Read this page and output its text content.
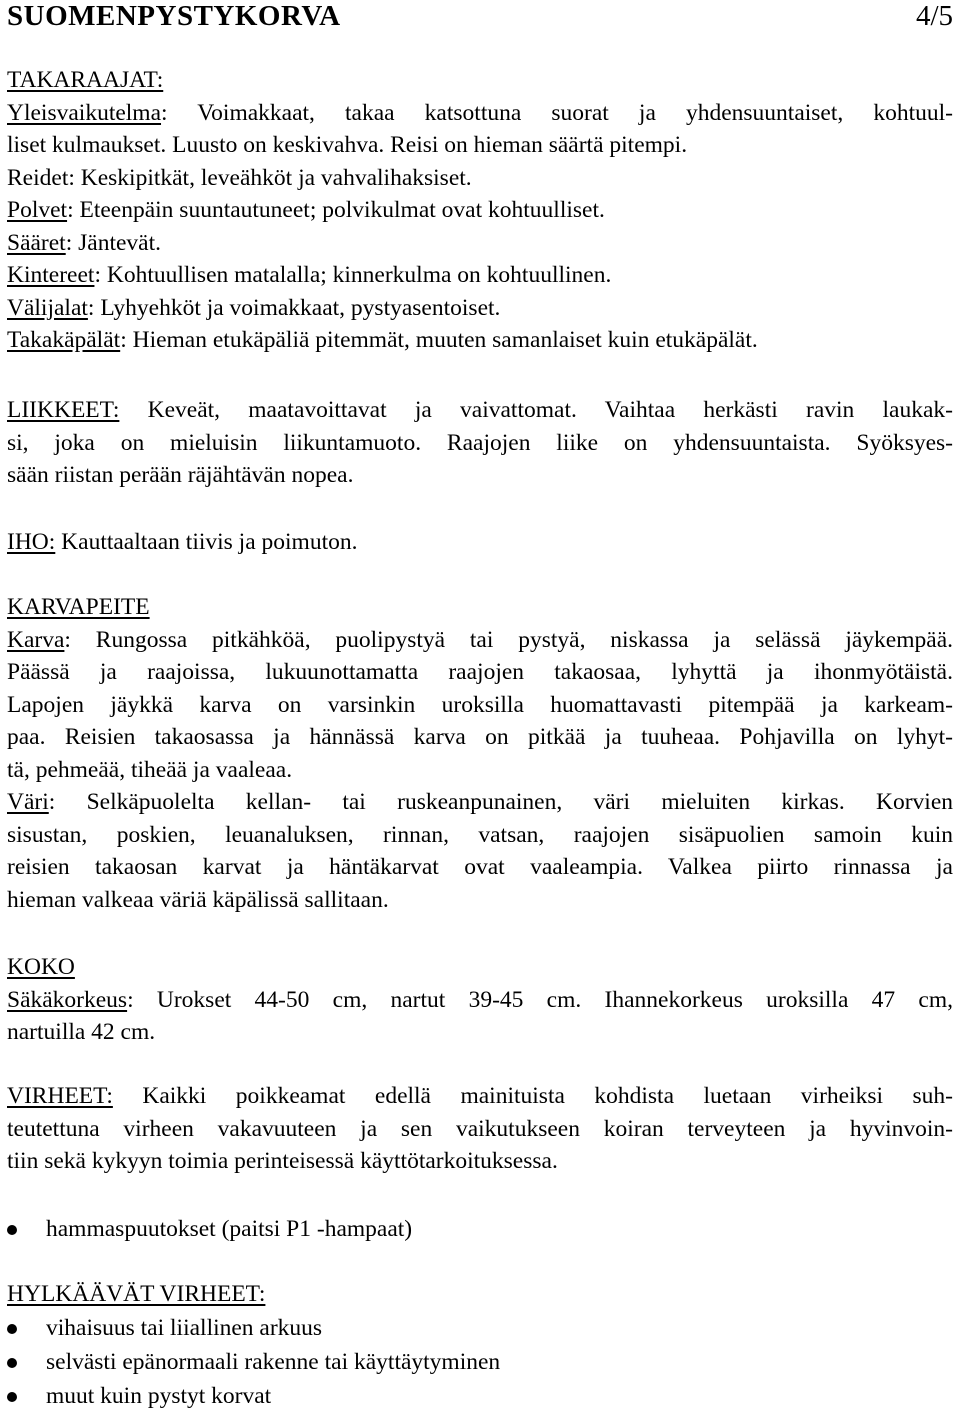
SUOMENPYSTYKORVA	4/5
TAKARAAJAT:
Yleisvaikutelma: Voimakkaat, takaa katsottuna suorat ja yhdensuuntaiset, kohtuul-
liset kulmaukset. Luusto on keskivahva. Reisi on hieman säärtä pitempi.
Reidet: Keskipitkät, leveähköt ja vahvalihaksiset.
Polvet: Eteenpäin suuntautuneet; polvikulmat ovat kohtuulliset.
Sääret: Jäntevät.
Kintereet: Kohtuullisen matalalla; kinnerkulma on kohtuullinen.
Välijalat: Lyhyehköt ja voimakkaat, pystyasentoiset.
Takakäpälät: Hieman etukäpäliä pitemmät, muuten samanlaiset kuin etukäpälät.
LIIKKEET: Keveät, maatavoittavat ja vaivattomat. Vaihtaa herkästi ravin laukak-
si, joka on mieluisin liikuntamuoto. Raajojen liike on yhdensuuntaista. Syöksyes-
sään riistan perään räjähtävän nopea.
IHO: Kauttaaltaan tiivis ja poimuton.
KARVAPEITE
Karva: Rungossa pitkähköä, puolipystyä tai pystyä, niskassa ja selässä jäykempää.
Päässä ja raajoissa, lukuunottamatta raajojen takaosaa, lyhyttä ja ihonmyötäistä.
Lapojen jäykkä karva on varsinkin uroksilla huomattavasti pitempää ja karkeam-
paa. Reisien takaosassa ja hännässä karva on pitkää ja tuuheaa. Pohjavilla on lyhyt-
tä, pehmeää, tiheää ja vaaleaa.
Väri: Selkäpuolelta kellan- tai ruskeanpunainen, väri mieluiten kirkas. Korvien
sisustan, poskien, leuanaluksen, rinnan, vatsan, raajojen sisäpuolien samoin kuin
reisien takaosan karvat ja häntäkarvat ovat vaaleampia. Valkea piirto rinnassa ja
hieman valkeaa väriä käpälissä sallitaan.
KOKO
Säkäkorkeus: Urokset 44-50 cm, nartut 39-45 cm. Ihannekorkeus uroksilla 47 cm,
nartuilla 42 cm.
VIRHEET: Kaikki poikkeamat edellä mainituista kohdista luetaan virheiksi suh-
teutettuna virheen vakavuuteen ja sen vaikutukseen koiran terveyteen ja hyvinvoin-
tiin sekä kykyyn toimia perinteisessä käyttötarkoituksessa.
hammaspuutokset (paitsi P1 -hampaat)
HYLKÄÄVÄT VIRHEET:
vihaisuus tai liiallinen arkuus
selvästi epänormaali rakenne tai käyttäytyminen
muut kuin pystyt korvat
